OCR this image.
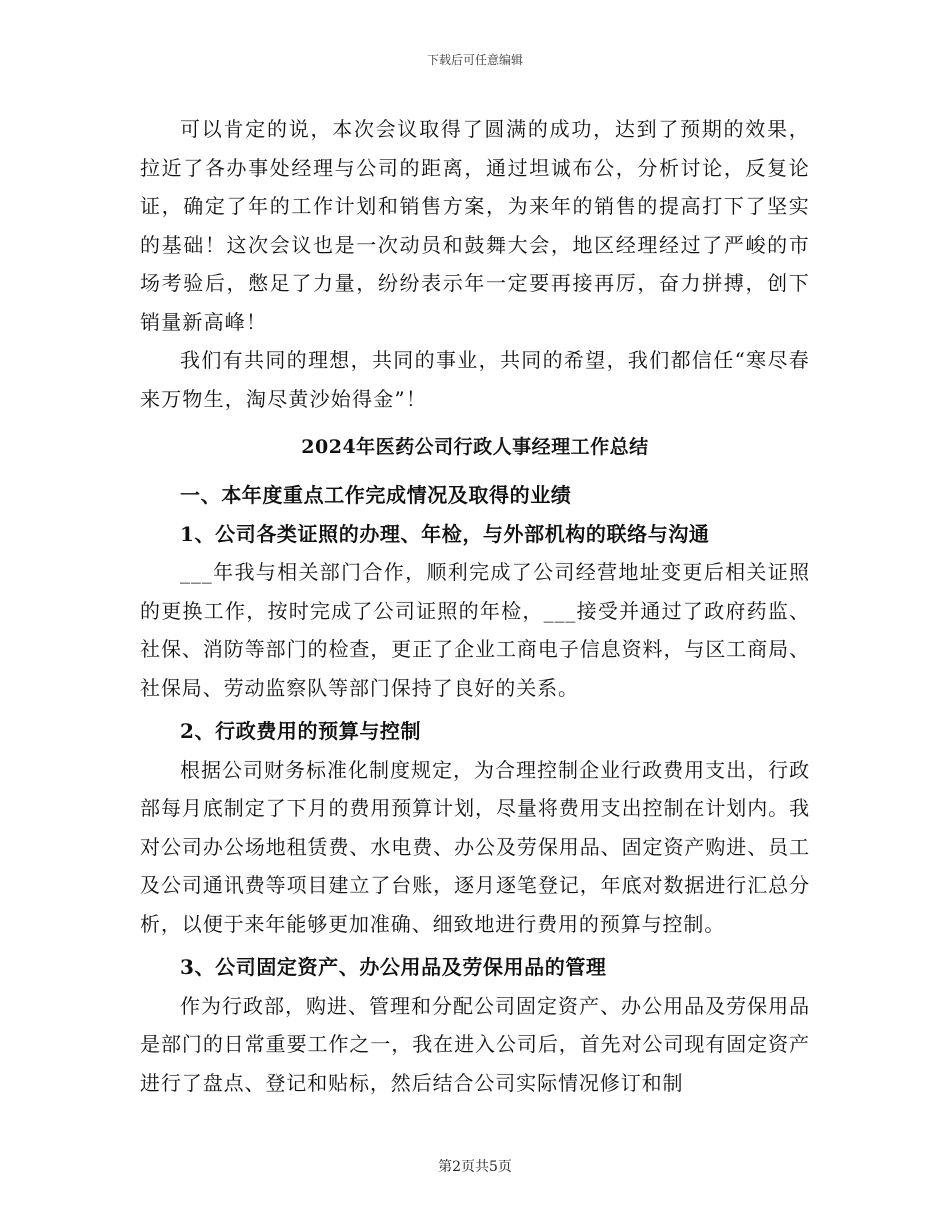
下载后可任意编辑

可以肯定的说，本次会议取得了圆满的成功，达到了预期的效果，拉近了各办事处经理与公司的距离，通过坦诚布公，分析讨论，反复论证，确定了年的工作计划和销售方案，为来年的销售的提高打下了坚实的基础！这次会议也是一次动员和鼓舞大会，地区经理经过了严峻的市场考验后，憋足了力量，纷纷表示年一定要再接再厉，奋力拼搏，创下销量新高峰！

我们有共同的理想，共同的事业，共同的希望，我们都信任“寒尽春来万物生，淘尽黄沙始得金”！

2024年医药公司行政人事经理工作总结
一、本年度重点工作完成情况及取得的业绩
1、公司各类证照的办理、年检，与外部机构的联络与沟通

___年我与相关部门合作，顺利完成了公司经营地址变更后相关证照的更换工作，按时完成了公司证照的年检，___接受并通过了政府药监、社保、消防等部门的检查，更正了企业工商电子信息资料，与区工商局、社保局、劳动监察队等部门保持了良好的关系。

2、行政费用的预算与控制

根据公司财务标准化制度规定，为合理控制企业行政费用支出，行政部每月底制定了下月的费用预算计划，尽量将费用支出控制在计划内。我对公司办公场地租赁费、水电费、办公及劳保用品、固定资产购进、员工及公司通讯费等项目建立了台账，逐月逐笔登记，年底对数据进行汇总分析，以便于来年能够更加准确、细致地进行费用的预算与控制。

3、公司固定资产、办公用品及劳保用品的管理

作为行政部，购进、管理和分配公司固定资产、办公用品及劳保用品是部门的日常重要工作之一，我在进入公司后，首先对公司现有固定资产进行了盘点、登记和贴标，然后结合公司实际情况修订和制

第2页共5页
